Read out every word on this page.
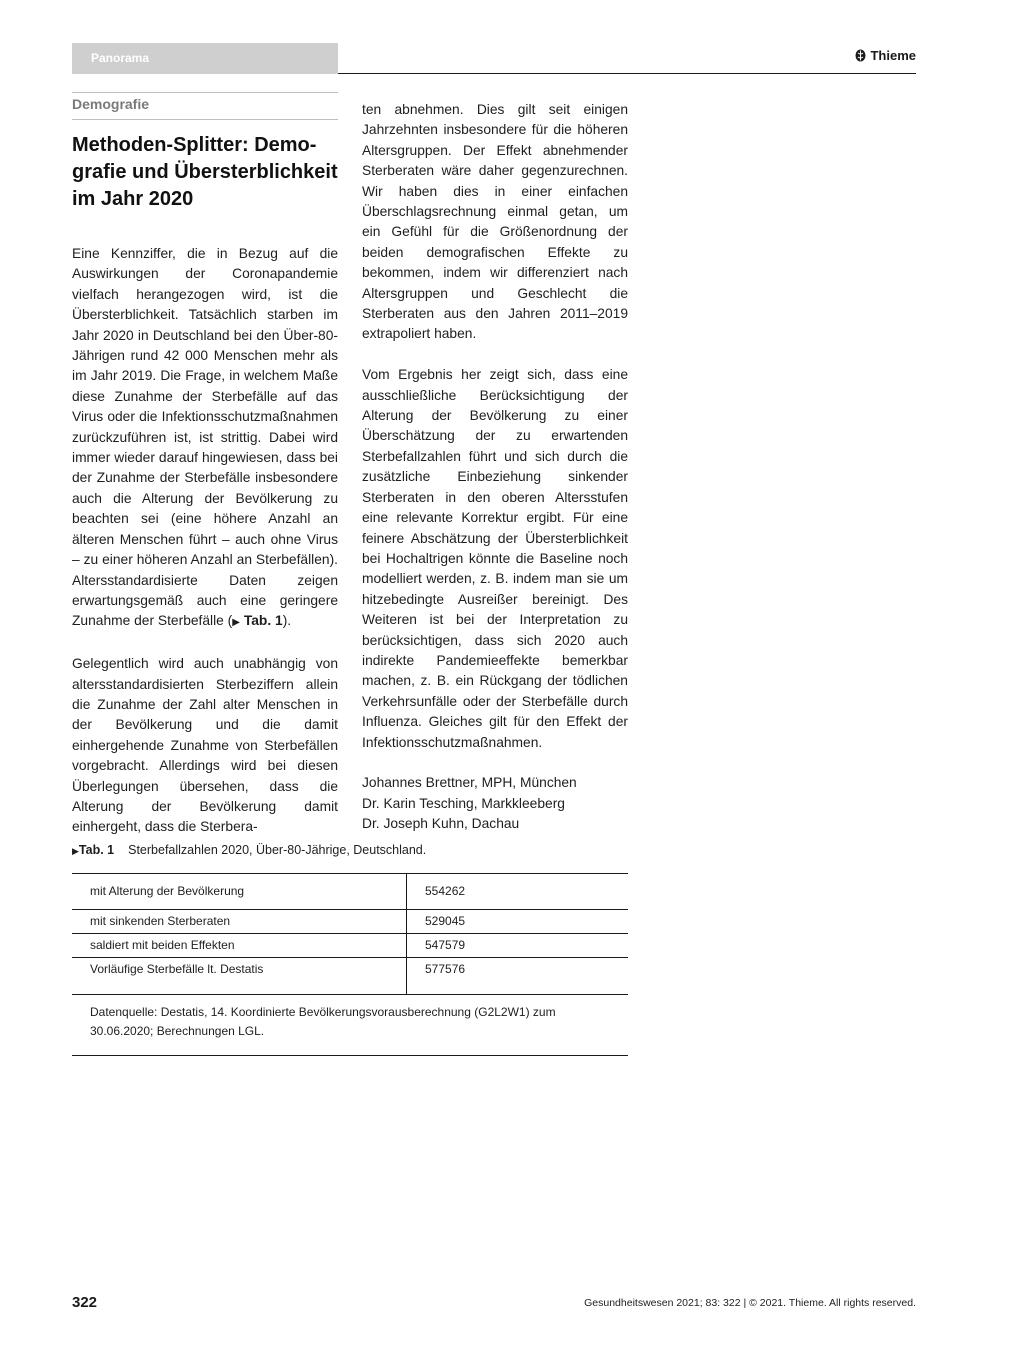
Panorama	Thieme
Demografie
Methoden-Splitter: Demografie und Übersterblichkeit im Jahr 2020

Eine Kennziffer, die in Bezug auf die Auswirkungen der Coronapandemie vielfach herangezogen wird, ist die Übersterblichkeit. Tatsächlich starben im Jahr 2020 in Deutschland bei den Über-80-Jährigen rund 42 000 Menschen mehr als im Jahr 2019. Die Frage, in welchem Maße diese Zunahme der Sterbefälle auf das Virus oder die Infektionsschutzmaßnahmen zurückzuführen ist, ist strittig. Dabei wird immer wieder darauf hingewiesen, dass bei der Zunahme der Sterbefälle insbesondere auch die Alterung der Bevölkerung zu beachten sei (eine höhere Anzahl an älteren Menschen führt – auch ohne Virus – zu einer höheren Anzahl an Sterbefällen). Altersstandardisierte Daten zeigen erwartungsgemäß auch eine geringere Zunahme der Sterbefälle (▶ Tab. 1).

Gelegentlich wird auch unabhängig von altersstandardisierten Sterbeziffern allein die Zunahme der Zahl alter Menschen in der Bevölkerung und die damit einhergehende Zunahme von Sterbefällen vorgebracht. Allerdings wird bei diesen Überlegungen übersehen, dass die Alterung der Bevölkerung damit einhergeht, dass die Sterbera-

ten abnehmen. Dies gilt seit einigen Jahrzehnten insbesondere für die höheren Altersgruppen. Der Effekt abnehmender Sterberaten wäre daher gegenzurechnen. Wir haben dies in einer einfachen Überschlagsrechnung einmal getan, um ein Gefühl für die Größenordnung der beiden demografischen Effekte zu bekommen, indem wir differenziert nach Altersgruppen und Geschlecht die Sterberaten aus den Jahren 2011–2019 extrapoliert haben.

Vom Ergebnis her zeigt sich, dass eine ausschließliche Berücksichtigung der Alterung der Bevölkerung zu einer Überschätzung der zu erwartenden Sterbefallzahlen führt und sich durch die zusätzliche Einbeziehung sinkender Sterberaten in den oberen Altersstufen eine relevante Korrektur ergibt. Für eine feinere Abschätzung der Übersterblichkeit bei Hochaltrigen könnte die Baseline noch modelliert werden, z. B. indem man sie um hitzebedingte Ausreißer bereinigt. Des Weiteren ist bei der Interpretation zu berücksichtigen, dass sich 2020 auch indirekte Pandemieeffekte bemerkbar machen, z. B. ein Rückgang der tödlichen Verkehrsunfälle oder der Sterbefälle durch Influenza. Gleiches gilt für den Effekt der Infektionsschutzmaßnahmen.

Johannes Brettner, MPH, München
Dr. Karin Tesching, Markkleeberg
Dr. Joseph Kuhn, Dachau

▶Tab. 1 Sterbefallzahlen 2020, Über-80-Jährige, Deutschland.
mit Alterung der Bevölkerung	554262
mit sinkenden Sterberaten	529045
saldiert mit beiden Effekten	547579
Vorläufige Sterbefälle lt. Destatis	577576
Datenquelle: Destatis, 14. Koordinierte Bevölkerungsvorausberechnung (G2L2W1) zum 30.06.2020; Berechnungen LGL.
322	Gesundheitswesen 2021; 83: 322 | © 2021. Thieme. All rights reserved.
